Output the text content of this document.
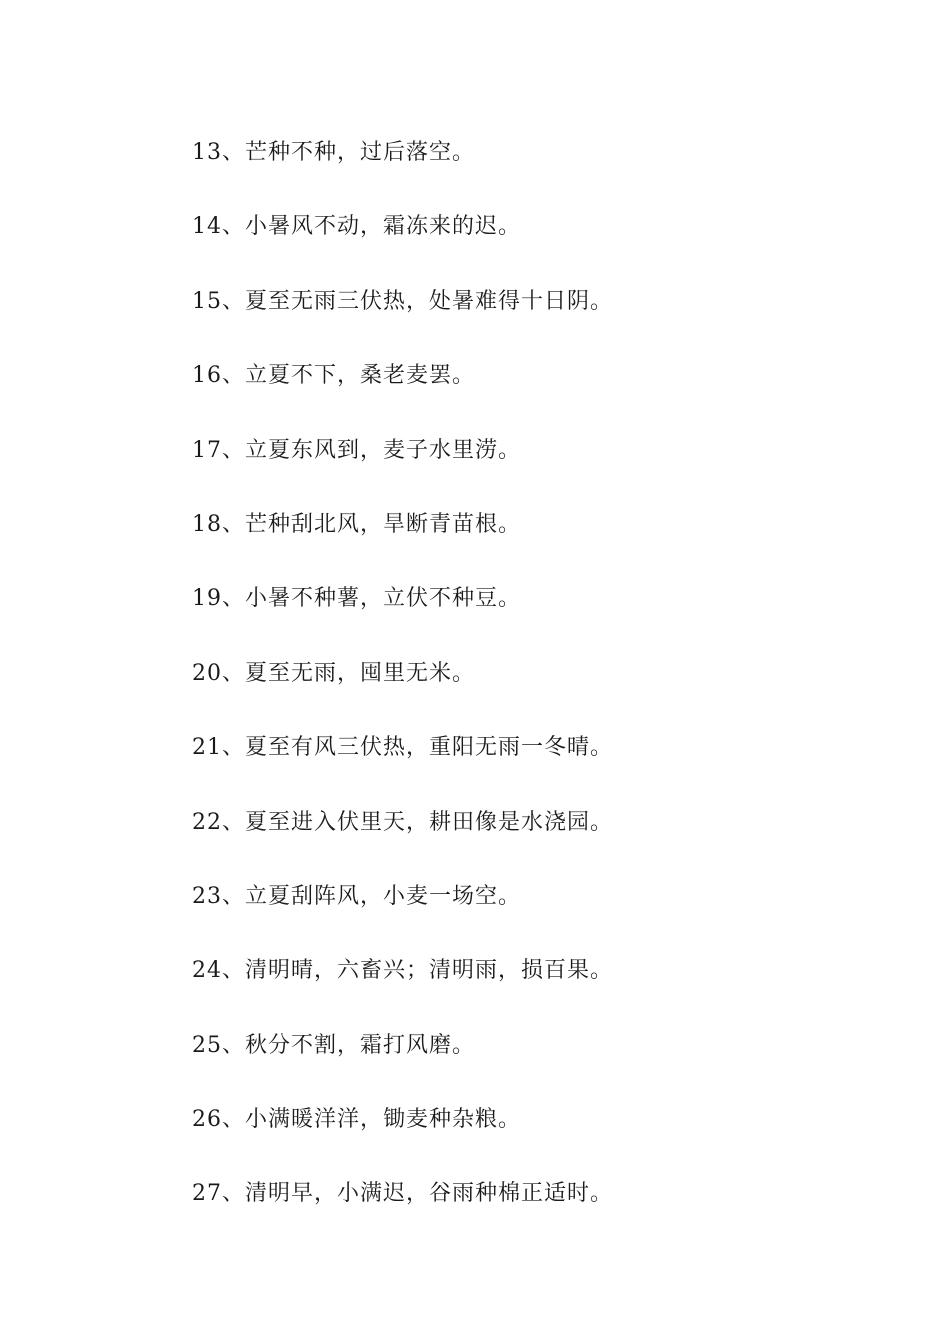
13、芒种不种，过后落空。
14、小暑风不动，霜冻来的迟。
15、夏至无雨三伏热，处暑难得十日阴。
16、立夏不下，桑老麦罢。
17、立夏东风到，麦子水里涝。
18、芒种刮北风，旱断青苗根。
19、小暑不种薯，立伏不种豆。
20、夏至无雨，囤里无米。
21、夏至有风三伏热，重阳无雨一冬晴。
22、夏至进入伏里天，耕田像是水浇园。
23、立夏刮阵风，小麦一场空。
24、清明晴，六畜兴；清明雨，损百果。
25、秋分不割，霜打风磨。
26、小满暖洋洋，锄麦种杂粮。
27、清明早，小满迟，谷雨种棉正适时。
